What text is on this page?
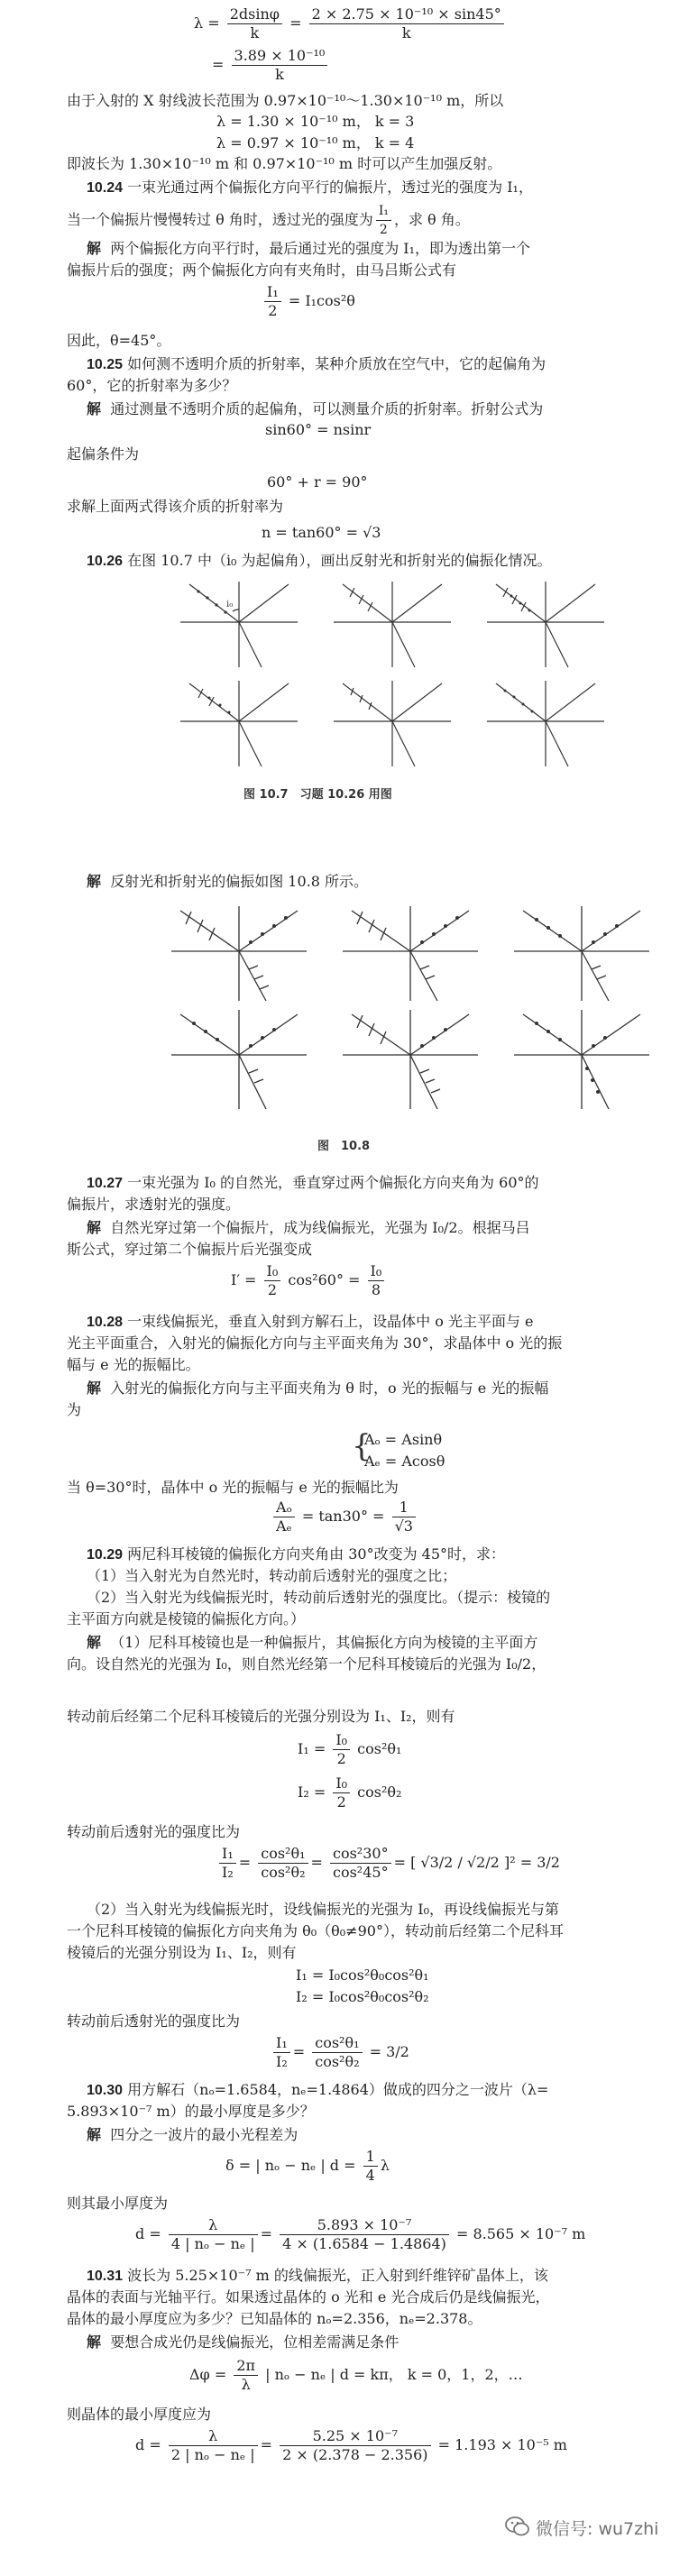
$\lambda = \frac{2dsin\varphi}{k} = \frac{\text{2 × 2.75 × 10⁻¹⁰ × sin45°}}{k}$
= $\frac{\text{3.89 × 10⁻¹⁰}}{k}$
由于入射的 X 射线波长范围为 0.97×10⁻¹⁰～1.30×10⁻¹⁰ m，所以
λ = 1.30 × 10⁻¹⁰ m， k = 3
λ = 0.97 × 10⁻¹⁰ m， k = 4
即波长为 1.30×10⁻¹⁰ m 和 0.97×10⁻¹⁰ m 时可以产生加强反射。
10.24 一束光通过两个偏振化方向平行的偏振片，透过光的强度为 I₁，
当一个偏振片慢慢转过 θ 角时，透过光的强度为 $\frac{\text{I₁}}{2}$ ，求 θ 角。
解 两个偏振化方向平行时，最后通过光的强度为 I₁，即为透出第一个
偏振片后的强度；两个偏振化方向有夹角时，由马吕斯公式有
$\frac{\text{I₁}}{2} = I_1\cos^2\theta$
因此，θ=45°。
10.25 如何测不透明介质的折射率，某种介质放在空气中，它的起偏角为
60°，它的折射率为多少？
解 通过测量不透明介质的起偏角，可以测量介质的折射率。折射公式为
sin60° = nsinr
起偏条件为
60° + r = 90°
求解上面两式得该介质的折射率为
n = tan60° = √3
10.26 在图 10.7 中（i₀ 为起偏角），画出反射光和折射光的偏振化情况。
i₀
图 10.7　习题 10.26 用图
解 反射光和折射光的偏振如图 10.8 所示。
图　10.8
10.27 一束光强为 I₀ 的自然光，垂直穿过两个偏振化方向夹角为 60°的
偏振片，求透射光的强度。
解 自然光穿过第一个偏振片，成为线偏振光，光强为 I₀/2。根据马吕
斯公式，穿过第二个偏振片后光强变成
$I' = \frac{\text{I₀}}{2} \cos^260^\circ = \frac{\text{I₀}}{8}$
10.28 一束线偏振光，垂直入射到方解石上，设晶体中 o 光主平面与 e
光主平面重合，入射光的偏振化方向与主平面夹角为 30°，求晶体中 o 光的振
幅与 e 光的振幅比。
解 入射光的偏振化方向与主平面夹角为 θ 时，o 光的振幅与 e 光的振幅
为
{
Aₒ = Asinθ
Aₑ = Acosθ
当 θ=30°时，晶体中 o 光的振幅与 e 光的振幅比为
$\frac{\text{Aₒ}}{\text{Aₑ}} = \tan 30^\circ = \frac{1}{√3}$
10.29 两尼科耳棱镜的偏振化方向夹角由 30°改变为 45°时，求：
（1）当入射光为自然光时，转动前后透射光的强度之比；
（2）当入射光为线偏振光时，转动前后透射光的强度比。（提示：棱镜的
主平面方向就是棱镜的偏振化方向。）
解 （1）尼科耳棱镜也是一种偏振片，其偏振化方向为棱镜的主平面方
向。设自然光的光强为 I₀，则自然光经第一个尼科耳棱镜后的光强为 I₀/2，
转动前后经第二个尼科耳棱镜后的光强分别设为 I₁、I₂，则有
$I_1 = \frac{\text{I₀}}{2} \cos^2\theta_1$
$I_2 = \frac{\text{I₀}}{2} \cos^2\theta_2$
转动前后透射光的强度比为
$\frac{\text{I₁}}{\text{I₂}} = \frac{\text{cos²θ₁}}{\text{cos²θ₂}} = \frac{\text{cos²30°}}{\text{cos²45°}}$ = [ √3/2 / √2/2 ]² = 3/2
（2）当入射光为线偏振光时，设线偏振光的光强为 I₀，再设线偏振光与第
一个尼科耳棱镜的偏振化方向夹角为 θ₀（θ₀≠90°），转动前后经第二个尼科耳
棱镜后的光强分别设为 I₁、I₂，则有
I₁ = I₀cos²θ₀cos²θ₁
I₂ = I₀cos²θ₀cos²θ₂
转动前后透射光的强度比为
$\frac{\text{I₁}}{\text{I₂}} = \frac{\text{cos²θ₁}}{\text{cos²θ₂}} = 3/2$
10.30 用方解石（nₒ=1.6584，nₑ=1.4864）做成的四分之一波片（λ=
5.893×10⁻⁷ m）的最小厚度是多少？
解 四分之一波片的最小光程差为
δ = | nₒ − nₑ | $d = \frac{1}{4}$ λ
则其最小厚度为
$d = \frac{\lambda}{\text{4 | nₒ − nₑ |}} = \frac{\text{5.893 × 10⁻⁷}}{4 \times (1.6584 - 1.4864)} = 8.565 \times 10^{-7}$ m
10.31 波长为 5.25×10⁻⁷ m 的线偏振光，正入射到纤维锌矿晶体上，该
晶体的表面与光轴平行。如果透过晶体的 o 光和 e 光合成后仍是线偏振光，
晶体的最小厚度应为多少？已知晶体的 nₒ=2.356，nₑ=2.378。
解 要想合成光仍是线偏振光，位相差需满足条件
$\Delta\varphi = \frac{2\pi}{\lambda}$ | nₒ − nₑ | d = kπ， k = 0，1，2，…
则晶体的最小厚度应为
$d = \frac{\lambda}{\text{2 | nₒ − nₑ |}} = \frac{\text{5.25 × 10⁻⁷}}{2 \times (2.378 - 2.356)} = 1.193 \times 10^{-5}$ m
微信号: wu7zhi
